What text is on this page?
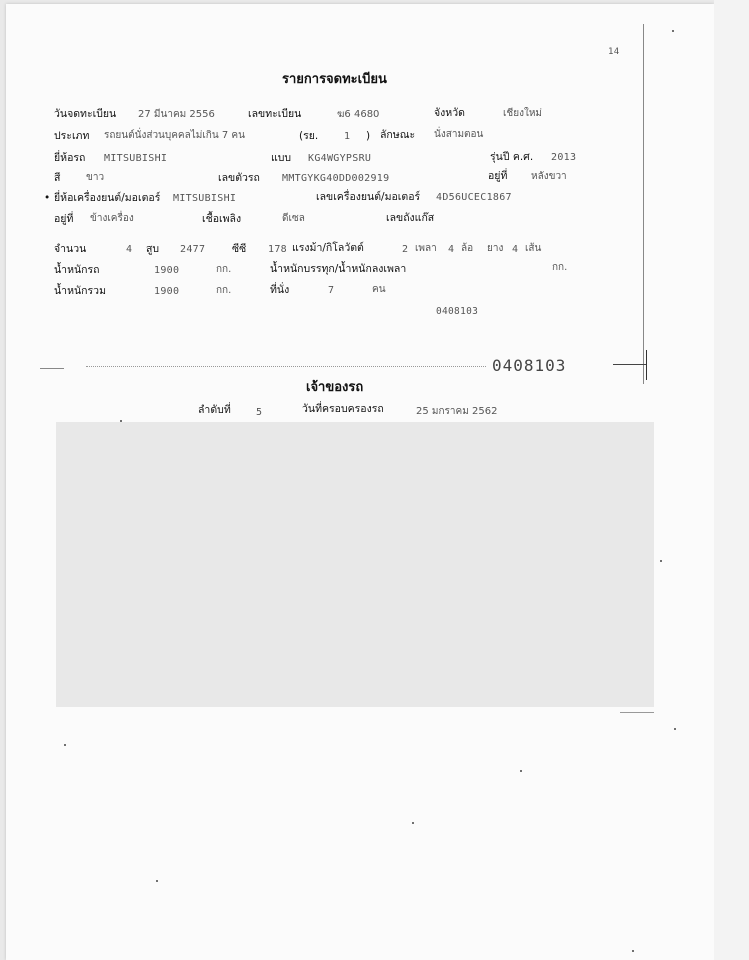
14
รายการจดทะเบียน
วันจดทะเบียน 27 มีนาคม 2556	เลขทะเบียน	ฆ6 4680	จังหวัด	เชียงใหม่
ประเภท รถยนต์นั่งส่วนบุคคลไม่เกิน 7 คน	(รย.	1 ) ลักษณะ นั่งสามตอน
ยี่ห้อรถ MITSUBISHI	แบบ KG4WGYPSRU	รุ่นปี ค.ศ. 2013
สี	ขาว	เลขตัวรถ MMTGYKG40DD002919	อยู่ที่ หลังขวา
• ยี่ห้อเครื่องยนต์/มอเตอร์ MITSUBISHI	เลขเครื่องยนต์/มอเตอร์ 4D56UCEC1867
อยู่ที่ ข้างเครื่อง	เชื้อเพลิง	ดีเซล	เลขถังแก๊ส
จำนวน	4 สูบ 2477	ซีซี 178 แรงม้า/กิโลวัตต์	2 เพลา 4 ล้อ ยาง 4 เส้น
น้ำหนักรถ	1900	กก.	น้ำหนักบรรทุก/น้ำหนักลงเพลา	กก.
น้ำหนักรวม	1900	กก.	ที่นั่ง	7	คน
0408103
0408103
เจ้าของรถ
ลำดับที่	5	วันที่ครอบครองรถ	25 มกราคม 2562
